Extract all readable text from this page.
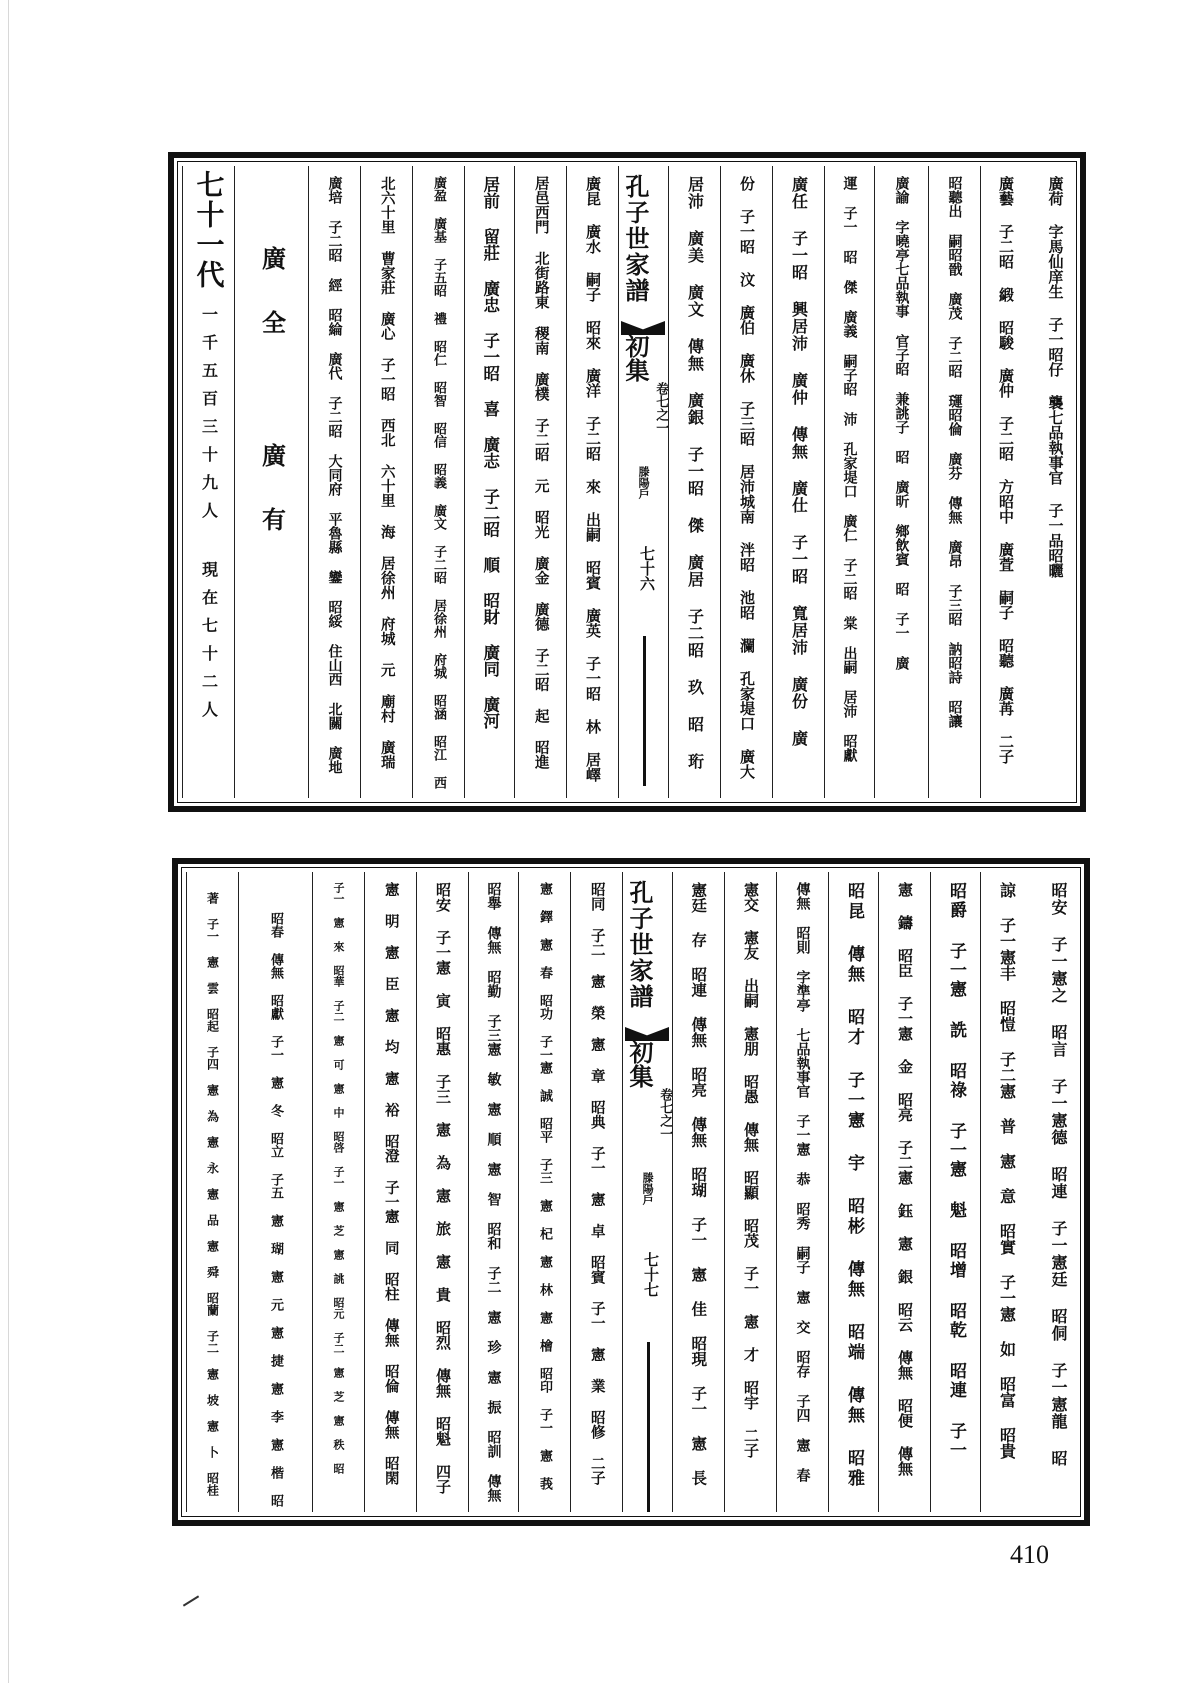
廣荷 字馬仙庠生 子一昭仔 襲七品執事官 子一品昭曬
廣藝 子二昭 緞 昭駿 廣仲 子二昭 方昭中 廣萓 嗣子 昭聽 廣苒 二子
昭聽出 嗣昭戩 廣茂 子二昭 璭昭倫 廣芬 傳無 廣昂 子三昭 訥昭詩 昭讓
廣諭 字曉亭七品執事 官子昭 兼誂子 昭 廣昕 鄉飲賓 昭 子一 廣
運 子一 昭 傑 廣義 嗣子昭 沛 孔家堤口 廣仁 子二昭 棠 出嗣 居沛 昭獻
廣任 子一昭 興居沛 廣仲 傳無 廣仕 子一昭 寬居沛 廣份 廣
份 子一昭 汶 廣伯 廣休 子三昭 居沛城南 泮昭 池昭 瀾 孔家堤口 廣大
居沛 廣美 廣文 傳無 廣銀 子一昭 傑 廣居 子二昭 玖 昭 珩
孔子世家譜
初集
卷七之一
滕陽戶
七十六
廣昆 廣水 嗣子 昭來 廣洋 子二昭 來 出嗣 昭賓 廣英 子一昭 林 居嶧
居邑西門 北街路東 稷南 廣樸 子二昭 元 昭光 廣金 廣德 子二昭 起 昭進
居前 留莊 廣忠 子一昭 喜 廣志 子二昭 順 昭財 廣同 廣河
廣盈 廣基 子五昭 禮 昭仁 昭智 昭信 昭義 廣文 子二昭 居徐州 府城 昭涵 昭江 西
北六十里 曹家莊 廣心 子一昭 西北 六十里 海 居徐州 府城 元 廟村 廣瑞
廣培 子二昭 經 昭綸 廣代 子二昭 大同府 平魯縣 鑾 昭綏 住山西 北關 廣地
廣全 廣有
七十一代
一千五百三十九人 現在七十二人
昭安 子一憲之 昭言 子一憲德 昭連 子一憲廷 昭侗 子一憲龍 昭
諒 子一憲丰 昭愷 子二憲 普 憲 意 昭實 子一憲 如 昭富 昭貴
昭爵 子一憲 詵 昭祿 子一憲 魁 昭增 昭乾 昭連 子一
憲 鑄 昭臣 子一憲 金 昭亮 子二憲 鈺 憲 銀 昭云 傳無 昭便 傳無
昭昆 傳無 昭才 子一憲 宇 昭彬 傳無 昭端 傳無 昭雅
傳無 昭則 字準亭 七品執事官 子一憲 恭 昭秀 嗣子 憲 交 昭存 子四 憲 春
憲交 憲友 出嗣 憲朋 昭愚 傳無 昭顯 昭茂 子一 憲 才 昭宇 二子
憲廷 存 昭連 傳無 昭亮 傳無 昭瑚 子一 憲 佳 昭現 子一 憲 長
孔子世家譜
初集
卷七之一
滕陽戶
七十七
昭同 子二 憲 榮 憲 章 昭典 子一 憲 卓 昭賓 子一 憲 業 昭修 二子
憲 鐸 憲 春 昭功 子一憲 誠 昭平 子三 憲 杞 憲 林 憲 檜 昭印 子一 憲 莪
昭舉 傳無 昭勤 子三憲 敏 憲 順 憲 智 昭和 子二 憲 珍 憲 振 昭訓 傳無
昭安 子一憲 寅 昭惠 子三 憲 為 憲 旅 憲 貴 昭烈 傳無 昭魁 四子
憲 明 憲 臣 憲 均 憲 裕 昭澄 子一憲 同 昭柱 傳無 昭倫 傳無 昭閑
子一 憲 來 昭華 子二 憲 可 憲 中 昭啓 子一 憲 芝 憲 誂 昭元 子二 憲 芝 憲 秩 昭
昭春 傳無 昭獻 子一 憲 冬 昭立 子五 憲 瑚 憲 元 憲 捷 憲 李 憲 楷 昭
著 子一 憲 雲 昭起 子四 憲 為 憲 永 憲 品 憲 舜 昭蘭 子二 憲 坡 憲 卜 昭桂
410
